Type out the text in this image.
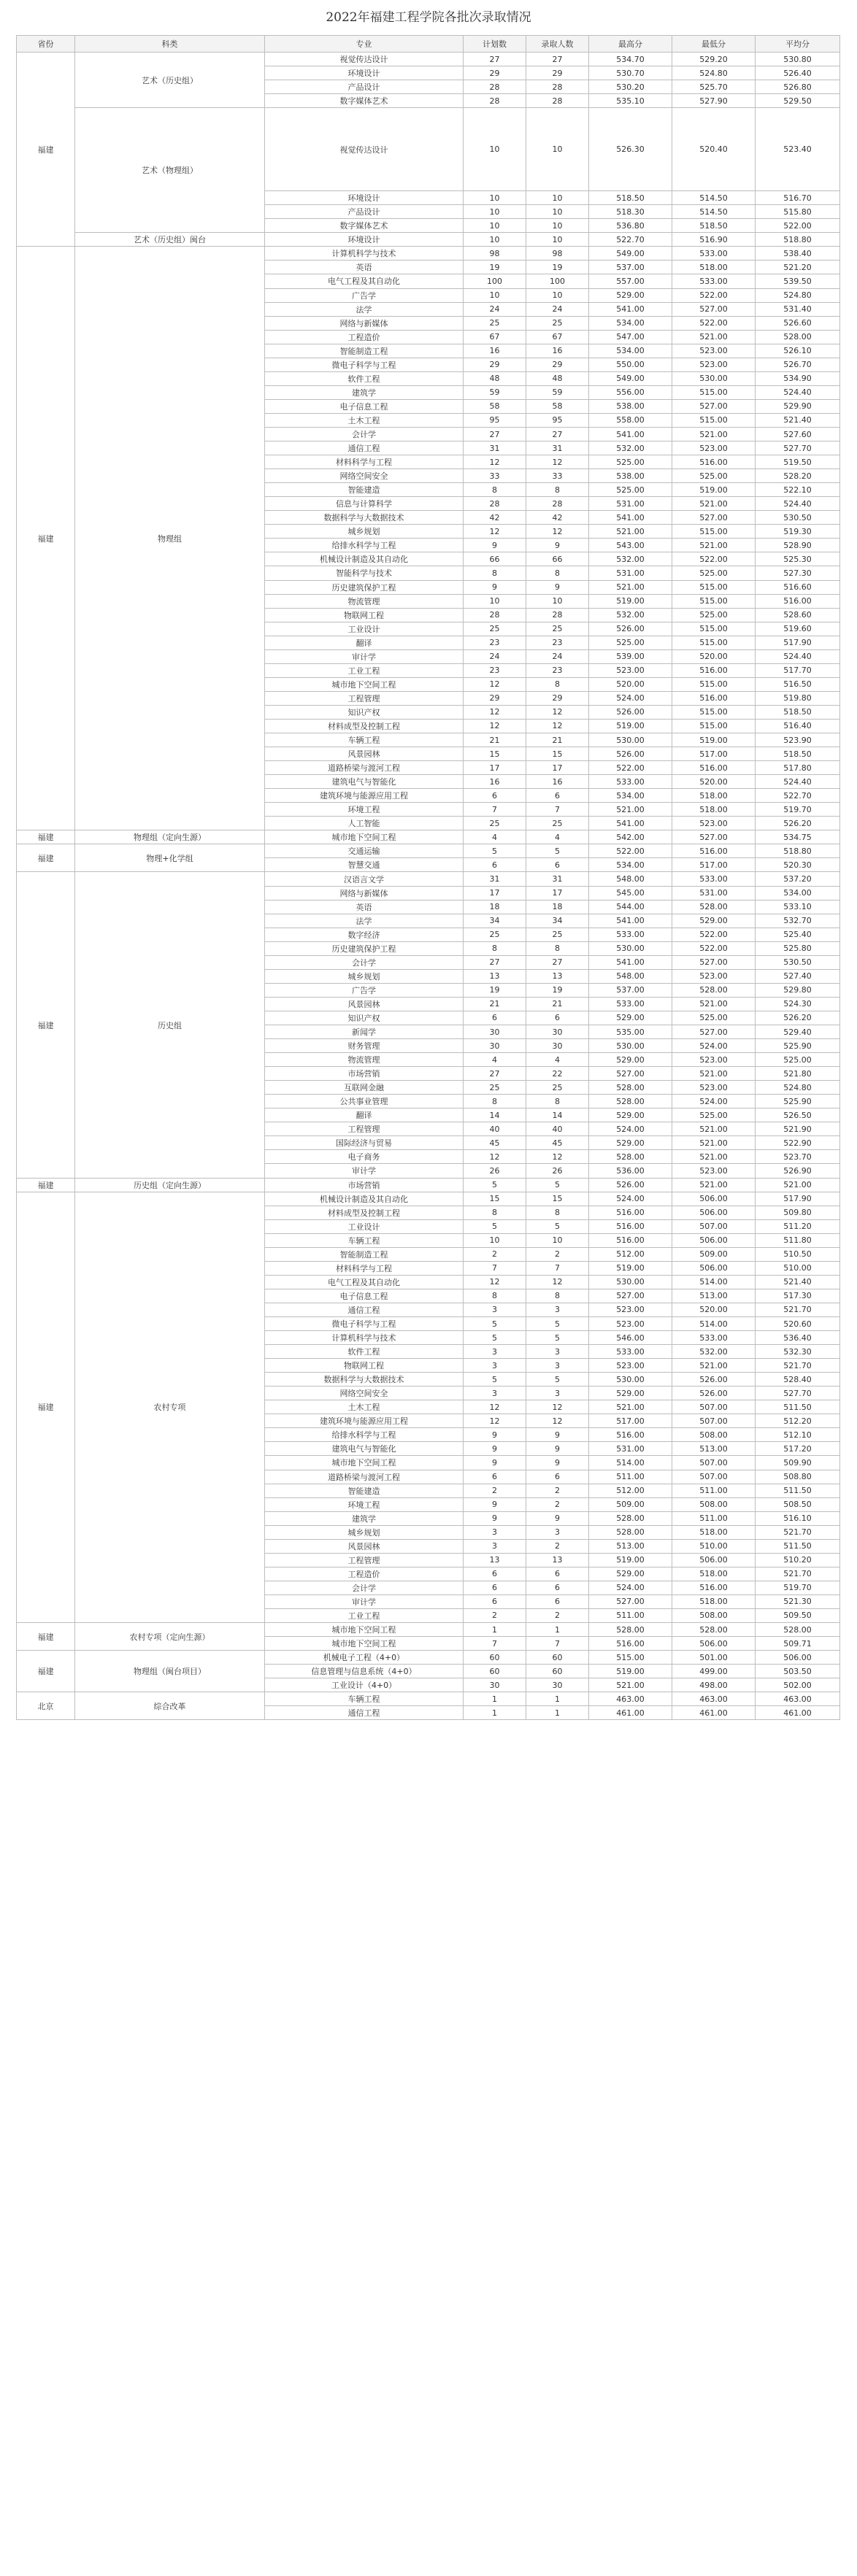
2022年福建工程学院各批次录取情况
省份	科类	专业	计划数	录取人数	最高分	最低分	平均分
福建	艺术（历史组）	视觉传达设计	27	27	534.70	529.20	530.80
		环境设计	29	29	530.70	524.80	526.40
		产品设计	28	28	530.20	525.70	526.80
		数字媒体艺术	28	28	535.10	527.90	529.50
	艺术（物理组）	视觉传达设计	10	10	526.30	520.40	523.40
		环境设计	10	10	518.50	514.50	516.70
		产品设计	10	10	518.30	514.50	515.80
		数字媒体艺术	10	10	536.80	518.50	522.00
	艺术（历史组）闽台	环境设计	10	10	522.70	516.90	518.80
福建	物理组	计算机科学与技术	98	98	549.00	533.00	538.40
		英语	19	19	537.00	518.00	521.20
		电气工程及其自动化	100	100	557.00	533.00	539.50
		广告学	10	10	529.00	522.00	524.80
		法学	24	24	541.00	527.00	531.40
		网络与新媒体	25	25	534.00	522.00	526.60
		工程造价	67	67	547.00	521.00	528.00
		智能制造工程	16	16	534.00	523.00	526.10
		微电子科学与工程	29	29	550.00	523.00	526.70
		软件工程	48	48	549.00	530.00	534.90
		建筑学	59	59	556.00	515.00	524.40
		电子信息工程	58	58	538.00	527.00	529.90
		土木工程	95	95	558.00	515.00	521.40
		会计学	27	27	541.00	521.00	527.60
		通信工程	31	31	532.00	523.00	527.70
		材料科学与工程	12	12	525.00	516.00	519.50
		网络空间安全	33	33	538.00	525.00	528.20
		智能建造	8	8	525.00	519.00	522.10
		信息与计算科学	28	28	531.00	521.00	524.40
		数据科学与大数据技术	42	42	541.00	527.00	530.50
		城乡规划	12	12	521.00	515.00	519.30
		给排水科学与工程	9	9	543.00	521.00	528.90
		机械设计制造及其自动化	66	66	532.00	522.00	525.30
		智能科学与技术	8	8	531.00	525.00	527.30
		历史建筑保护工程	9	9	521.00	515.00	516.60
		物流管理	10	10	519.00	515.00	516.00
		物联网工程	28	28	532.00	525.00	528.60
		工业设计	25	25	526.00	515.00	519.60
		翻译	23	23	525.00	515.00	517.90
		审计学	24	24	539.00	520.00	524.40
		工业工程	23	23	523.00	516.00	517.70
		城市地下空间工程	12	8	520.00	515.00	516.50
		工程管理	29	29	524.00	516.00	519.80
		知识产权	12	12	526.00	515.00	518.50
		材料成型及控制工程	12	12	519.00	515.00	516.40
		车辆工程	21	21	530.00	519.00	523.90
		风景园林	15	15	526.00	517.00	518.50
		道路桥梁与渡河工程	17	17	522.00	516.00	517.80
		建筑电气与智能化	16	16	533.00	520.00	524.40
		建筑环境与能源应用工程	6	6	534.00	518.00	522.70
		环境工程	7	7	521.00	518.00	519.70
		人工智能	25	25	541.00	523.00	526.20
福建	物理组（定向生源）	城市地下空间工程	4	4	542.00	527.00	534.75
福建	物理+化学组	交通运输	5	5	522.00	516.00	518.80
		智慧交通	6	6	534.00	517.00	520.30
福建	历史组	汉语言文学	31	31	548.00	533.00	537.20
		网络与新媒体	17	17	545.00	531.00	534.00
		英语	18	18	544.00	528.00	533.10
		法学	34	34	541.00	529.00	532.70
		数字经济	25	25	533.00	522.00	525.40
		历史建筑保护工程	8	8	530.00	522.00	525.80
		会计学	27	27	541.00	527.00	530.50
		城乡规划	13	13	548.00	523.00	527.40
		广告学	19	19	537.00	528.00	529.80
		风景园林	21	21	533.00	521.00	524.30
		知识产权	6	6	529.00	525.00	526.20
		新闻学	30	30	535.00	527.00	529.40
		财务管理	30	30	530.00	524.00	525.90
		物流管理	4	4	529.00	523.00	525.00
		市场营销	27	22	527.00	521.00	521.80
		互联网金融	25	25	528.00	523.00	524.80
		公共事业管理	8	8	528.00	524.00	525.90
		翻译	14	14	529.00	525.00	526.50
		工程管理	40	40	524.00	521.00	521.90
		国际经济与贸易	45	45	529.00	521.00	522.90
		电子商务	12	12	528.00	521.00	523.70
		审计学	26	26	536.00	523.00	526.90
福建	历史组（定向生源）	市场营销	5	5	526.00	521.00	521.00
福建	农村专项	机械设计制造及其自动化	15	15	524.00	506.00	517.90
		材料成型及控制工程	8	8	516.00	506.00	509.80
		工业设计	5	5	516.00	507.00	511.20
		车辆工程	10	10	516.00	506.00	511.80
		智能制造工程	2	2	512.00	509.00	510.50
		材料科学与工程	7	7	519.00	506.00	510.00
		电气工程及其自动化	12	12	530.00	514.00	521.40
		电子信息工程	8	8	527.00	513.00	517.30
		通信工程	3	3	523.00	520.00	521.70
		微电子科学与工程	5	5	523.00	514.00	520.60
		计算机科学与技术	5	5	546.00	533.00	536.40
		软件工程	3	3	533.00	532.00	532.30
		物联网工程	3	3	523.00	521.00	521.70
		数据科学与大数据技术	5	5	530.00	526.00	528.40
		网络空间安全	3	3	529.00	526.00	527.70
		土木工程	12	12	521.00	507.00	511.50
		建筑环境与能源应用工程	12	12	517.00	507.00	512.20
		给排水科学与工程	9	9	516.00	508.00	512.10
		建筑电气与智能化	9	9	531.00	513.00	517.20
		城市地下空间工程	9	9	514.00	507.00	509.90
		道路桥梁与渡河工程	6	6	511.00	507.00	508.80
		智能建造	2	2	512.00	511.00	511.50
		环境工程	9	2	509.00	508.00	508.50
		建筑学	9	9	528.00	511.00	516.10
		城乡规划	3	3	528.00	518.00	521.70
		风景园林	3	2	513.00	510.00	511.50
		工程管理	13	13	519.00	506.00	510.20
		工程造价	6	6	529.00	518.00	521.70
		会计学	6	6	524.00	516.00	519.70
		审计学	6	6	527.00	518.00	521.30
		工业工程	2	2	511.00	508.00	509.50
福建	农村专项（定向生源）	城市地下空间工程	1	1	528.00	528.00	528.00
		城市地下空间工程	7	7	516.00	506.00	509.71
福建	物理组（闽台项目）	机械电子工程（4+0）	60	60	515.00	501.00	506.00
		信息管理与信息系统（4+0）	60	60	519.00	499.00	503.50
		工业设计（4+0）	30	30	521.00	498.00	502.00
北京	综合改革	车辆工程	1	1	463.00	463.00	463.00
		通信工程	1	1	461.00	461.00	461.00
